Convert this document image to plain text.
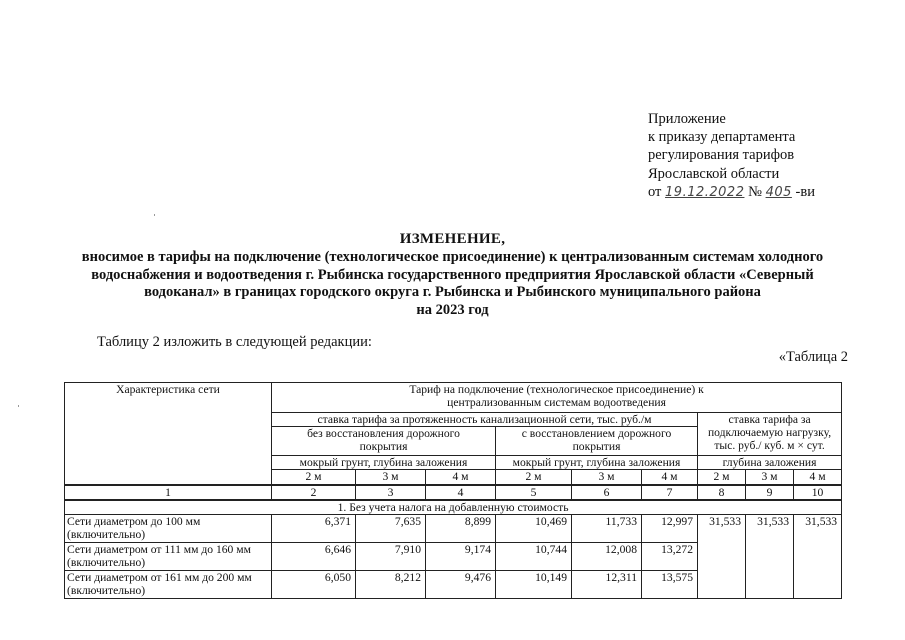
Приложение
к приказу департамента
регулирования тарифов
Ярославской области
от 19.12.2022 № 405 -ви
ИЗМЕНЕНИЕ,
вносимое в тарифы на подключение (технологическое присоединение) к централизованным системам холодного
водоснабжения и водоотведения г. Рыбинска государственного предприятия Ярославской области «Северный
водоканал» в границах городского округа г. Рыбинска и Рыбинского муниципального района
на 2023 год
Таблицу 2 изложить в следующей редакции:
«Таблица 2
Характеристика сети	Тариф на подключение (технологическое присоединение) к централизованным системам водоотведения								
	ставка тарифа за протяженность канализационной сети, тыс. руб./м						ставка тарифа за подключаемую нагрузку, тыс. руб./ куб. м × сут.		
	без восстановления дорожного покрытия			с восстановлением дорожного покрытия					
	мокрый грунт, глубина заложения			мокрый грунт, глубина заложения			глубина заложения		
	2 м	3 м	4 м	2 м	3 м	4 м	2 м	3 м	4 м
1	2	3	4	5	6	7	8	9	10
1. Без учета налога на добавленную стоимость									
Сети диаметром до 100 мм (включительно)	6,371	7,635	8,899	10,469	11,733	12,997	31,533	31,533	31,533
Сети диаметром от 111 мм до 160 мм (включительно)	6,646	7,910	9,174	10,744	12,008	13,272			
Сети диаметром от 161 мм до 200 мм (включительно)	6,050	8,212	9,476	10,149	12,311	13,575			
